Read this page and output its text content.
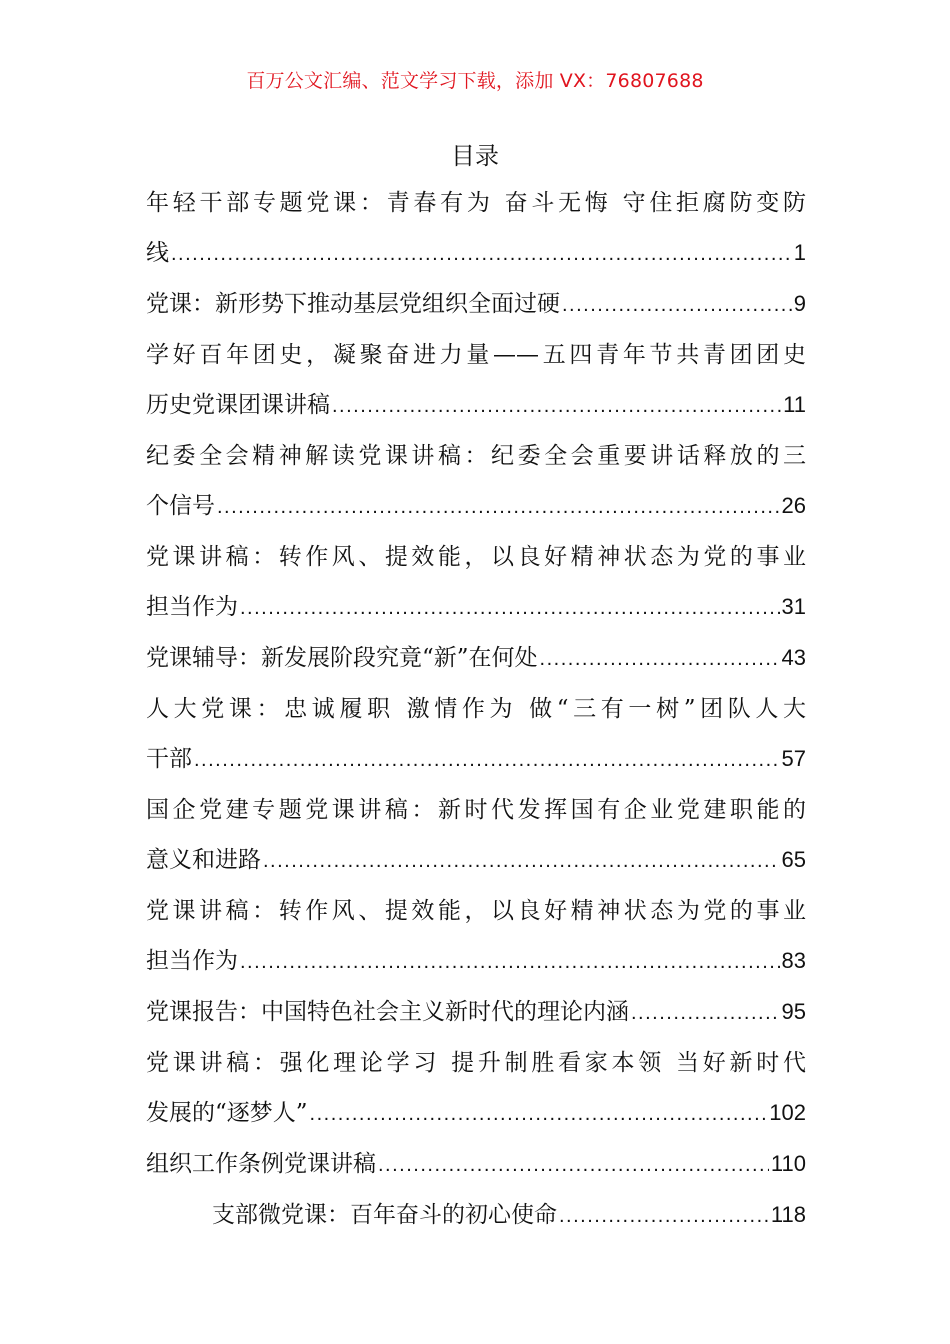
百万公文汇编、范文学习下载，添加 VX：76807688
目录
年轻干部专题党课：青春有为 奋斗无悔 守住拒腐防变防
线 .....	1
党课：新形势下推动基层党组织全面过硬 .....	9
学好百年团史，凝聚奋进力量——五四青年节共青团团史
历史党课团课讲稿 .....	11
纪委全会精神解读党课讲稿：纪委全会重要讲话释放的三
个信号 .....	26
党课讲稿：转作风、提效能，以良好精神状态为党的事业
担当作为 .....	31
党课辅导：新发展阶段究竟“新”在何处 .....	43
人大党课：忠诚履职 激情作为 做“三有一树”团队人大
干部 .....	57
国企党建专题党课讲稿：新时代发挥国有企业党建职能的
意义和进路 .....	65
党课讲稿：转作风、提效能，以良好精神状态为党的事业
担当作为 .....	83
党课报告：中国特色社会主义新时代的理论内涵 .....	95
党课讲稿：强化理论学习 提升制胜看家本领 当好新时代
发展的“逐梦人” .....	102
组织工作条例党课讲稿 .....	110
支部微党课：百年奋斗的初心使命 .....	118
